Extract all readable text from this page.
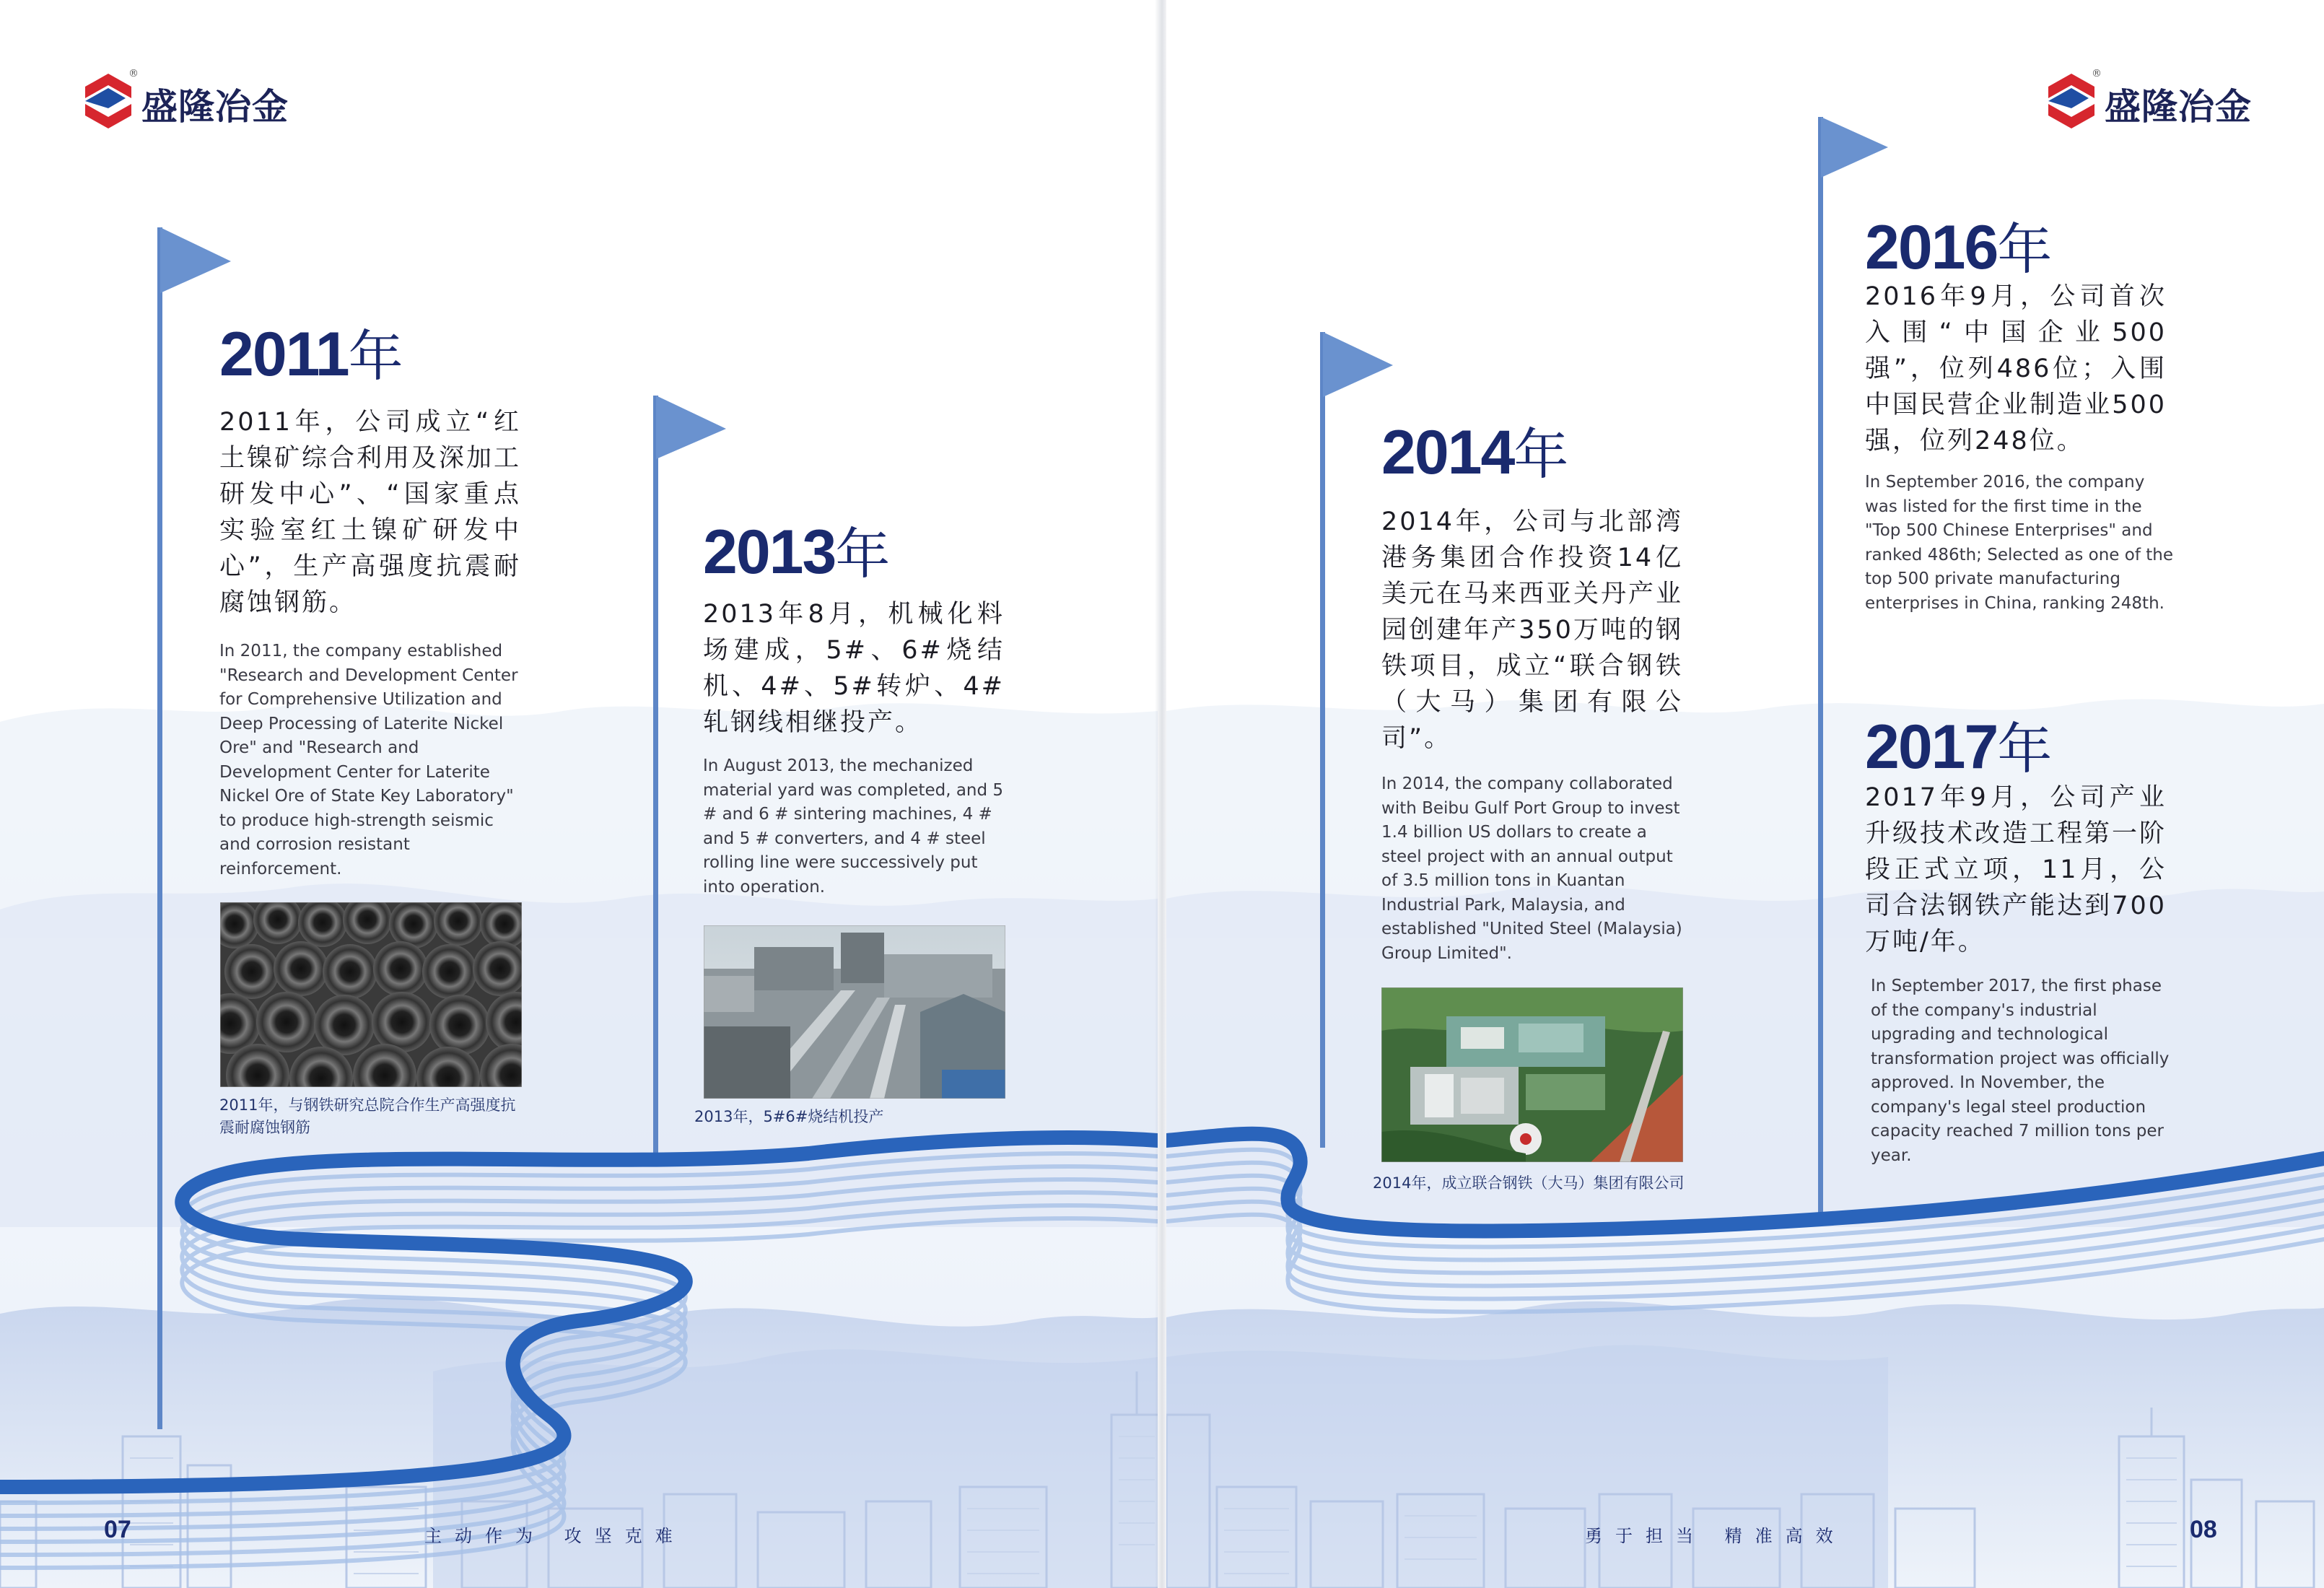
®
盛隆冶金
2011年
2011年，公司成立“红土镍矿综合利用及深加工研发中心”、“国家重点实验室红土镍矿研发中心”，生产高强度抗震耐腐蚀钢筋。
In 2011, the company established "Research and Development Center for Comprehensive Utilization and Deep Processing of Laterite Nickel Ore" and "Research and Development Center for Laterite Nickel Ore of State Key Laboratory" to produce high-strength seismic and corrosion resistant reinforcement.
2011年，与钢铁研究总院合作生产高强度抗震耐腐蚀钢筋
2013年
2013年8月，机械化料场建成，5#、6#烧结机、4#、5#转炉、4#轧钢线相继投产。
In August 2013, the mechanized material yard was completed, and 5 # and 6 # sintering machines, 4 # and 5 # converters, and 4 # steel rolling line were successively put into operation.
2013年，5#6#烧结机投产
07	主动作为 攻坚克难
®
盛隆冶金
2014年
2014年，公司与北部湾港务集团合作投资14亿美元在马来西亚关丹产业园创建年产350万吨的钢铁项目，成立“联合钢铁（大马）集团有限公司”。
In 2014, the company collaborated with Beibu Gulf Port Group to invest 1.4 billion US dollars to create a steel project with an annual output of 3.5 million tons in Kuantan Industrial Park, Malaysia, and established "United Steel (Malaysia) Group Limited".
2014年，成立联合钢铁（大马）集团有限公司
2016年
2016年9月，公司首次入围“中国企业500强”，位列486位；入围中国民营企业制造业500强，位列248位。
In September 2016, the company was listed for the first time in the "Top 500 Chinese Enterprises" and ranked 486th; Selected as one of the top 500 private manufacturing enterprises in China, ranking 248th.
2017年
2017年9月，公司产业升级技术改造工程第一阶段正式立项，11月，公司合法钢铁产能达到700万吨/年。
In September 2017, the first phase of the company's industrial upgrading and technological transformation project was officially approved. In November, the company's legal steel production capacity reached 7 million tons per year.
08
勇于担当 精准高效
